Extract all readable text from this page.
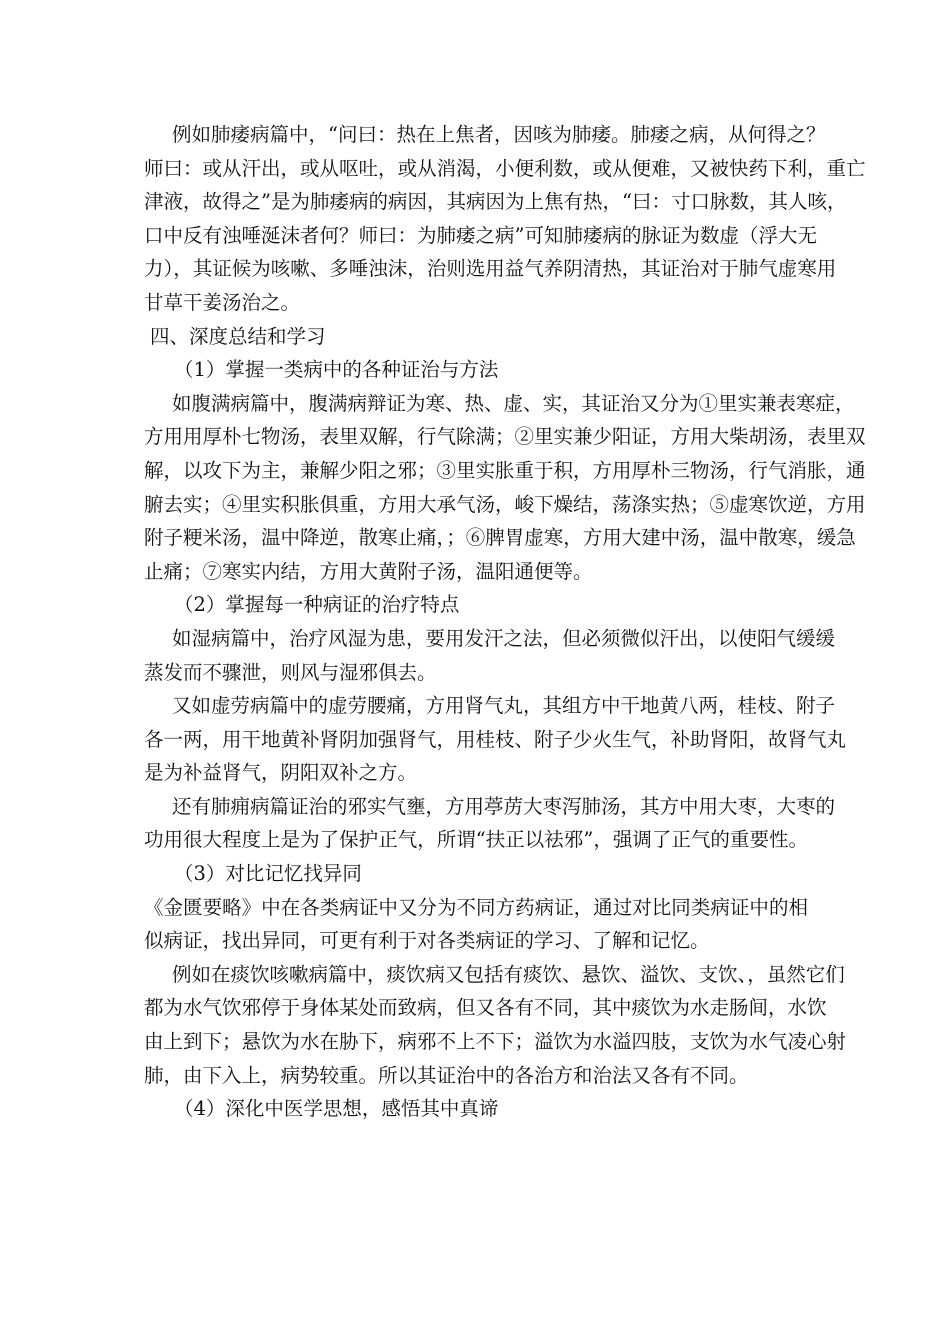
例如肺痿病篇中，“问曰：热在上焦者，因咳为肺痿。肺痿之病，从何得之？
师曰：或从汗出，或从呕吐，或从消渴，小便利数，或从便难，又被快药下利，重亡
津液，故得之”是为肺痿病的病因，其病因为上焦有热，“曰：寸口脉数，其人咳，
口中反有浊唾涎沫者何？师曰：为肺痿之病”可知肺痿病的脉证为数虚（浮大无
力），其证候为咳嗽、多唾浊沫，治则选用益气养阴清热，其证治对于肺气虚寒用
甘草干姜汤治之。
四、深度总结和学习
（1）掌握一类病中的各种证治与方法
如腹满病篇中，腹满病辩证为寒、热、虚、实，其证治又分为①里实兼表寒症，
方用用厚朴七物汤，表里双解，行气除满；②里实兼少阳证，方用大柴胡汤，表里双
解，以攻下为主，兼解少阳之邪；③里实胀重于积，方用厚朴三物汤，行气消胀，通
腑去实；④里实积胀俱重，方用大承气汤，峻下燥结，荡涤实热；⑤虚寒饮逆，方用
附子粳米汤，温中降逆，散寒止痛，；⑥脾胃虚寒，方用大建中汤，温中散寒，缓急
止痛；⑦寒实内结，方用大黄附子汤，温阳通便等。
（2）掌握每一种病证的治疗特点
如湿病篇中，治疗风湿为患，要用发汗之法，但必须微似汗出，以使阳气缓缓
蒸发而不骤泄，则风与湿邪俱去。
又如虚劳病篇中的虚劳腰痛，方用肾气丸，其组方中干地黄八两，桂枝、附子
各一两，用干地黄补肾阴加强肾气，用桂枝、附子少火生气，补助肾阳，故肾气丸
是为补益肾气，阴阳双补之方。
还有肺痈病篇证治的邪实气壅，方用葶苈大枣泻肺汤，其方中用大枣，大枣的
功用很大程度上是为了保护正气，所谓“扶正以祛邪”，强调了正气的重要性。
（3）对比记忆找异同
《金匮要略》中在各类病证中又分为不同方药病证，通过对比同类病证中的相
似病证，找出异同，可更有利于对各类病证的学习、了解和记忆。
例如在痰饮咳嗽病篇中，痰饮病又包括有痰饮、悬饮、溢饮、支饮、，虽然它们
都为水气饮邪停于身体某处而致病，但又各有不同，其中痰饮为水走肠间，水饮
由上到下；悬饮为水在胁下，病邪不上不下；溢饮为水溢四肢，支饮为水气凌心射
肺，由下入上，病势较重。所以其证治中的各治方和治法又各有不同。
（4）深化中医学思想，感悟其中真谛
